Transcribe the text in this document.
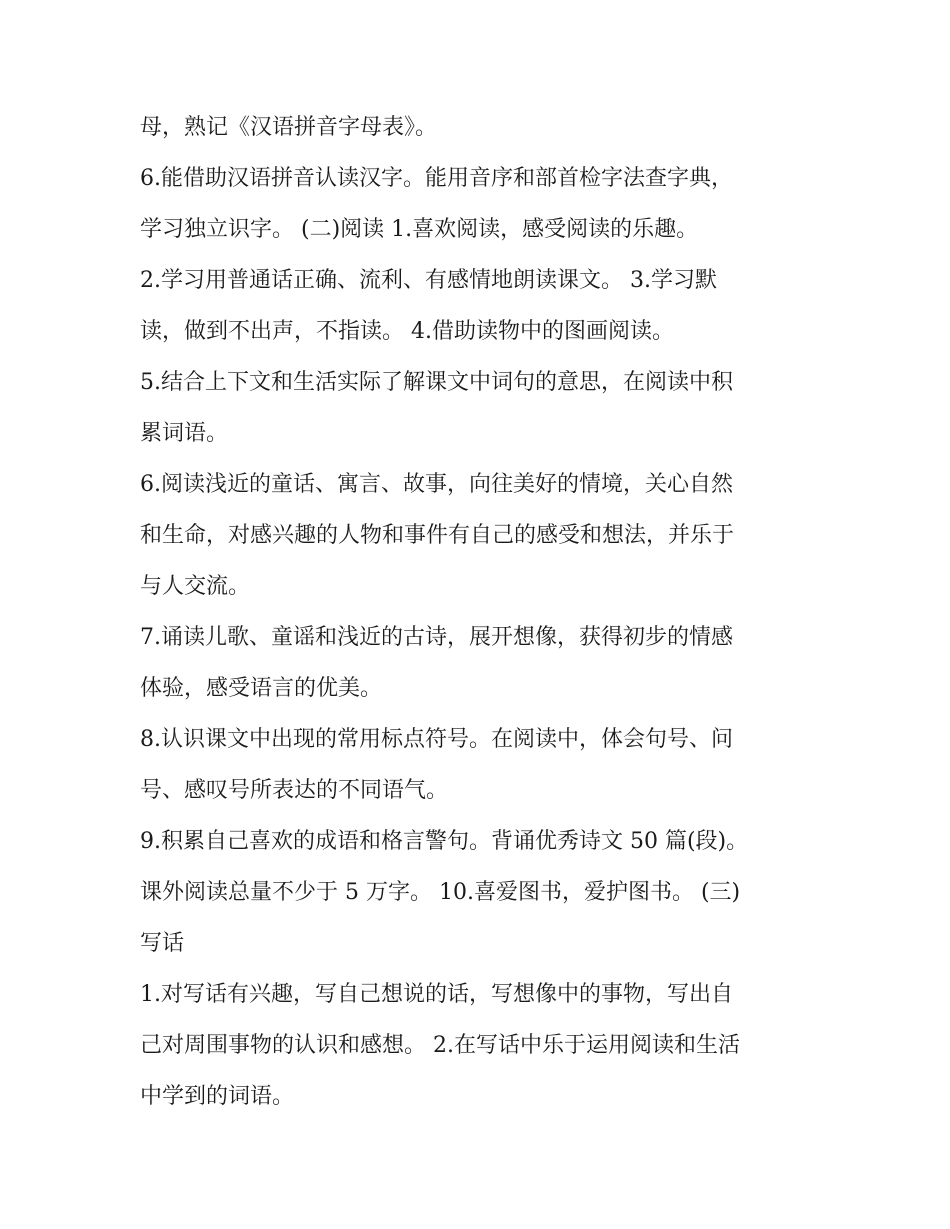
母，熟记《汉语拼音字母表》。
6.能借助汉语拼音认读汉字。能用音序和部首检字法查字典，
学习独立识字。 (二)阅读 1.喜欢阅读，感受阅读的乐趣。
2.学习用普通话正确、流利、有感情地朗读课文。 3.学习默
读，做到不出声，不指读。 4.借助读物中的图画阅读。
5.结合上下文和生活实际了解课文中词句的意思，在阅读中积
累词语。
6.阅读浅近的童话、寓言、故事，向往美好的情境，关心自然
和生命，对感兴趣的人物和事件有自己的感受和想法，并乐于
与人交流。
7.诵读儿歌、童谣和浅近的古诗，展开想像，获得初步的情感
体验，感受语言的优美。
8.认识课文中出现的常用标点符号。在阅读中，体会句号、问
号、感叹号所表达的不同语气。
9.积累自己喜欢的成语和格言警句。背诵优秀诗文 50 篇(段)。
课外阅读总量不少于 5 万字。 10.喜爱图书，爱护图书。 (三)
写话
1.对写话有兴趣，写自己想说的话，写想像中的事物，写出自
己对周围事物的认识和感想。 2.在写话中乐于运用阅读和生活
中学到的词语。
